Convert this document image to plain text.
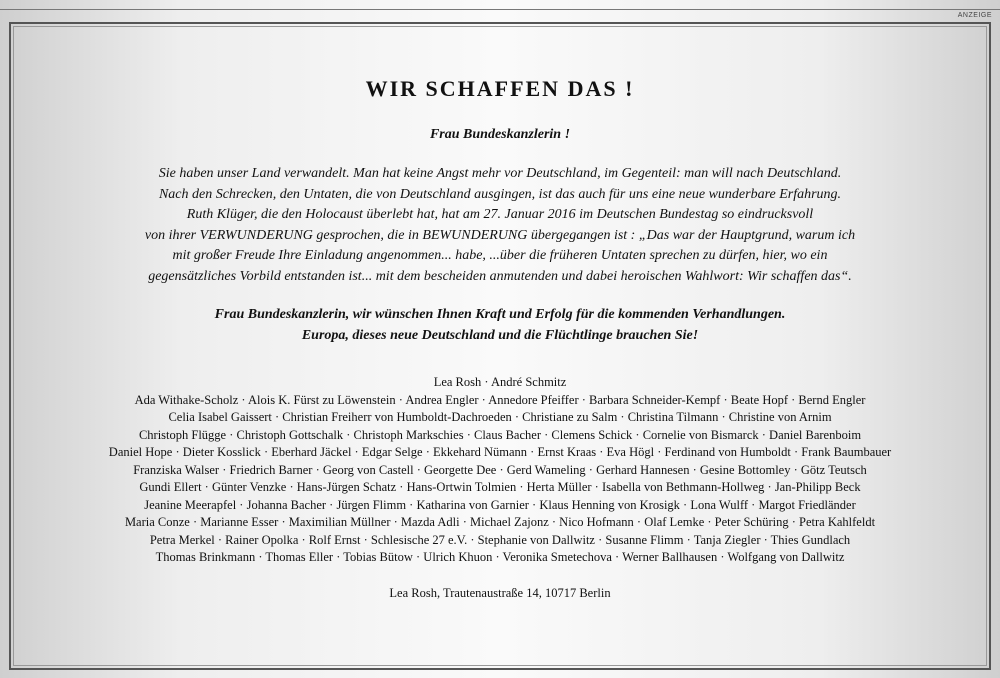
ANZEIGE
WIR SCHAFFEN DAS !
Frau Bundeskanzlerin !
Sie haben unser Land verwandelt. Man hat keine Angst mehr vor Deutschland, im Gegenteil: man will nach Deutschland.
Nach den Schrecken, den Untaten, die von Deutschland ausgingen, ist das auch für uns eine neue wunderbare Erfahrung.
Ruth Klüger, die den Holocaust überlebt hat, hat am 27. Januar 2016 im Deutschen Bundestag so eindrucksvoll
von ihrer VERWUNDERUNG gesprochen, die in BEWUNDERUNG übergegangen ist : „Das war der Hauptgrund, warum ich
mit großer Freude Ihre Einladung angenommen... habe, ...über die früheren Untaten sprechen zu dürfen, hier, wo ein
gegensätzliches Vorbild entstanden ist... mit dem bescheiden anmutenden und dabei heroischen Wahlwort: Wir schaffen das“.
Frau Bundeskanzlerin, wir wünschen Ihnen Kraft und Erfolg für die kommenden Verhandlungen.
Europa, dieses neue Deutschland und die Flüchtlinge brauchen Sie!
Lea Rosh · André Schmitz
Ada Withake-Scholz · Alois K. Fürst zu Löwenstein · Andrea Engler · Annedore Pfeiffer · Barbara Schneider-Kempf · Beate Hopf · Bernd Engler
Celia Isabel Gaissert · Christian Freiherr von Humboldt-Dachroeden · Christiane zu Salm · Christina Tilmann · Christine von Arnim
Christoph Flügge · Christoph Gottschalk · Christoph Markschies · Claus Bacher · Clemens Schick · Cornelie von Bismarck · Daniel Barenboim
Daniel Hope · Dieter Kosslick · Eberhard Jäckel · Edgar Selge · Ekkehard Nümann · Ernst Kraas · Eva Högl · Ferdinand von Humboldt · Frank Baumbauer
Franziska Walser · Friedrich Barner · Georg von Castell · Georgette Dee · Gerd Wameling · Gerhard Hannesen · Gesine Bottomley · Götz Teutsch
Gundi Ellert · Günter Venzke · Hans-Jürgen Schatz · Hans-Ortwin Tolmien · Herta Müller · Isabella von Bethmann-Hollweg · Jan-Philipp Beck
Jeanine Meerapfel · Johanna Bacher · Jürgen Flimm · Katharina von Garnier · Klaus Henning von Krosigk · Lona Wulff · Margot Friedländer
Maria Conze · Marianne Esser · Maximilian Müllner · Mazda Adli · Michael Zajonz · Nico Hofmann · Olaf Lemke · Peter Schüring · Petra Kahlfeldt
Petra Merkel · Rainer Opolka · Rolf Ernst · Schlesische 27 e.V. · Stephanie von Dallwitz · Susanne Flimm · Tanja Ziegler · Thies Gundlach
Thomas Brinkmann · Thomas Eller · Tobias Bütow · Ulrich Khuon · Veronika Smetechova · Werner Ballhausen · Wolfgang von Dallwitz
Lea Rosh, Trautenaustraße 14, 10717 Berlin
